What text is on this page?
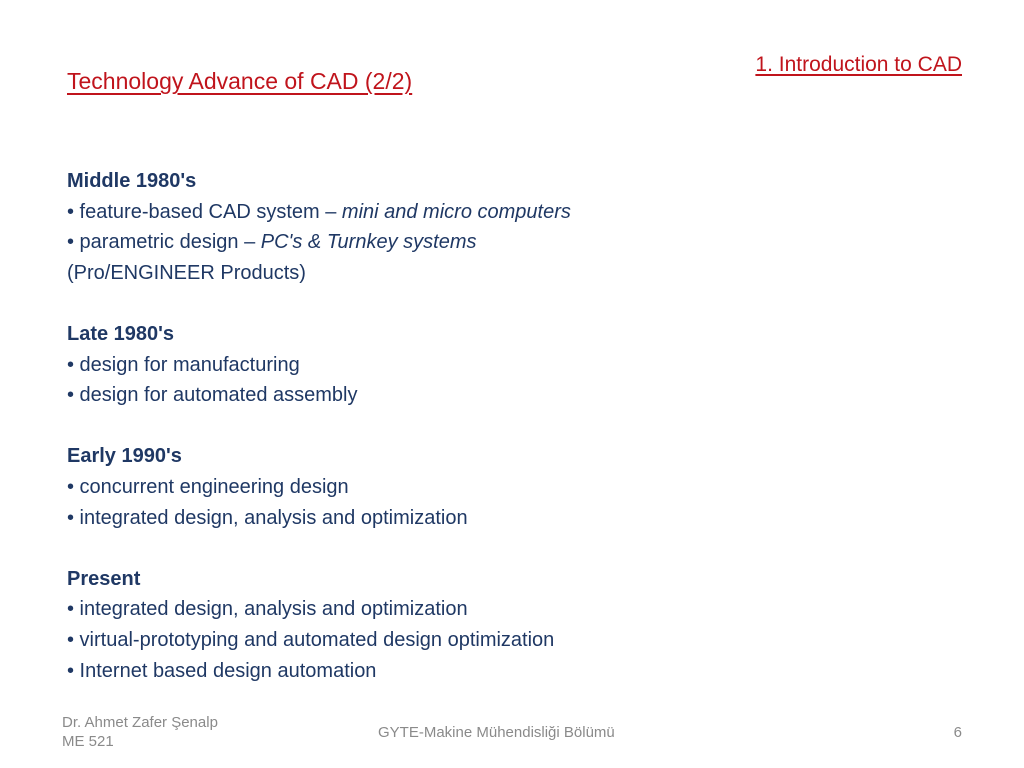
1. Introduction to CAD
Technology Advance of CAD (2/2)
Middle 1980's
• feature-based CAD system – mini and micro computers
• parametric design – PC's & Turnkey systems
(Pro/ENGINEER Products)
Late 1980's
• design for manufacturing
• design for automated assembly
Early 1990's
• concurrent engineering design
• integrated design, analysis and optimization
Present
• integrated design, analysis and optimization
• virtual-prototyping and automated design optimization
• Internet based design automation
Dr. Ahmet Zafer Şenalp
ME 521
GYTE-Makine Mühendisliği Bölümü	6
